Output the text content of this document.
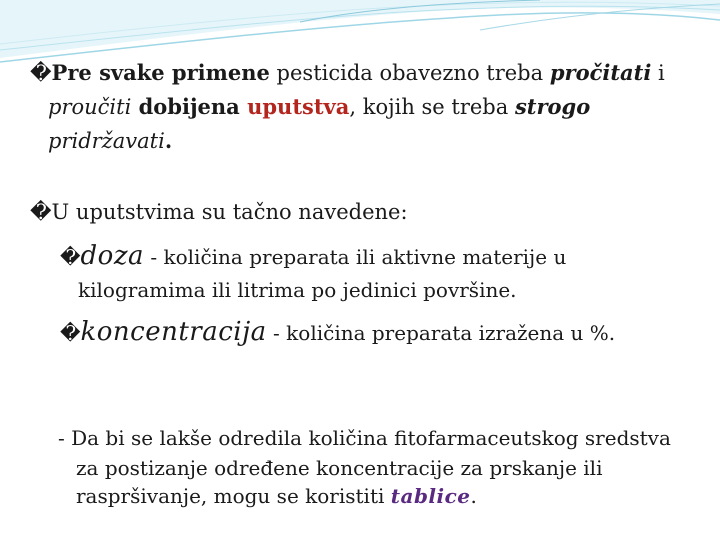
�Pre svake primene pesticida obavezno treba pročitati i
proučiti dobijena uputstva, kojih se treba strogo
pridržavati.
�U uputstvima su tačno navedene:
�doza - količina preparata ili aktivne materije u
kilogramima ili litrima po jedinici površine.
�koncentracija - količina preparata izražena u %.
- Da bi se lakše odredila količina fitofarmaceutskog sredstva
za postizanje određene koncentracije za prskanje ili
raspršivanje, mogu se koristiti tablice.
